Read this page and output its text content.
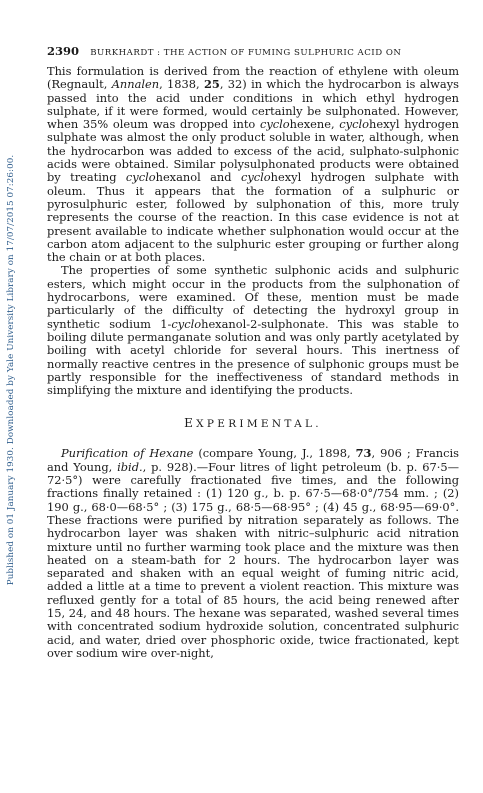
Published on 01 January 1930. Downloaded by Yale University Library on 17/07/2015 07:26:00.
2390 BURKHARDT : THE ACTION OF FUMING SULPHURIC ACID ON

This formulation is derived from the reaction of ethylene with oleum (Regnault, Annalen, 1838, 25, 32) in which the hydrocarbon is always passed into the acid under conditions in which ethyl hydrogen sulphate, if it were formed, would certainly be sulphonated. However, when 35% oleum was dropped into cyclohexene, cyclohexyl hydrogen sulphate was almost the only product soluble in water, although, when the hydrocarbon was added to excess of the acid, sulphato-sulphonic acids were obtained. Similar polysulphonated products were obtained by treating cyclohexanol and cyclohexyl hydrogen sulphate with oleum. Thus it appears that the formation of a sulphuric or pyrosulphuric ester, followed by sulphonation of this, more truly represents the course of the reaction. In this case evidence is not at present available to indicate whether sulphonation would occur at the carbon atom adjacent to the sulphuric ester grouping or further along the chain or at both places.

The properties of some synthetic sulphonic acids and sulphuric esters, which might occur in the products from the sulphonation of hydrocarbons, were examined. Of these, mention must be made particularly of the difficulty of detecting the hydroxyl group in synthetic sodium 1-cyclohexanol-2-sulphonate. This was stable to boiling dilute permanganate solution and was only partly acetylated by boiling with acetyl chloride for several hours. This inertness of normally reactive centres in the presence of sulphonic groups must be partly responsible for the ineffectiveness of standard methods in simplifying the mixture and identifying the products.

EXPERIMENTAL.

Purification of Hexane (compare Young, J., 1898, 73, 906 ; Francis and Young, ibid., p. 928).—Four litres of light petroleum (b. p. 67·5—72·5°) were carefully fractionated five times, and the following fractions finally retained : (1) 120 g., b. p. 67·5—68·0°/754 mm. ; (2) 190 g., 68·0—68·5° ; (3) 175 g., 68·5—68·95° ; (4) 45 g., 68·95—69·0°. These fractions were purified by nitration separately as follows. The hydrocarbon layer was shaken with nitric–sulphuric acid nitration mixture until no further warming took place and the mixture was then heated on a steam-bath for 2 hours. The hydrocarbon layer was separated and shaken with an equal weight of fuming nitric acid, added a little at a time to prevent a violent reaction. This mixture was refluxed gently for a total of 85 hours, the acid being renewed after 15, 24, and 48 hours. The hexane was separated, washed several times with concentrated sodium hydroxide solution, concentrated sulphuric acid, and water, dried over phosphoric oxide, twice fractionated, kept over sodium wire over-night,
